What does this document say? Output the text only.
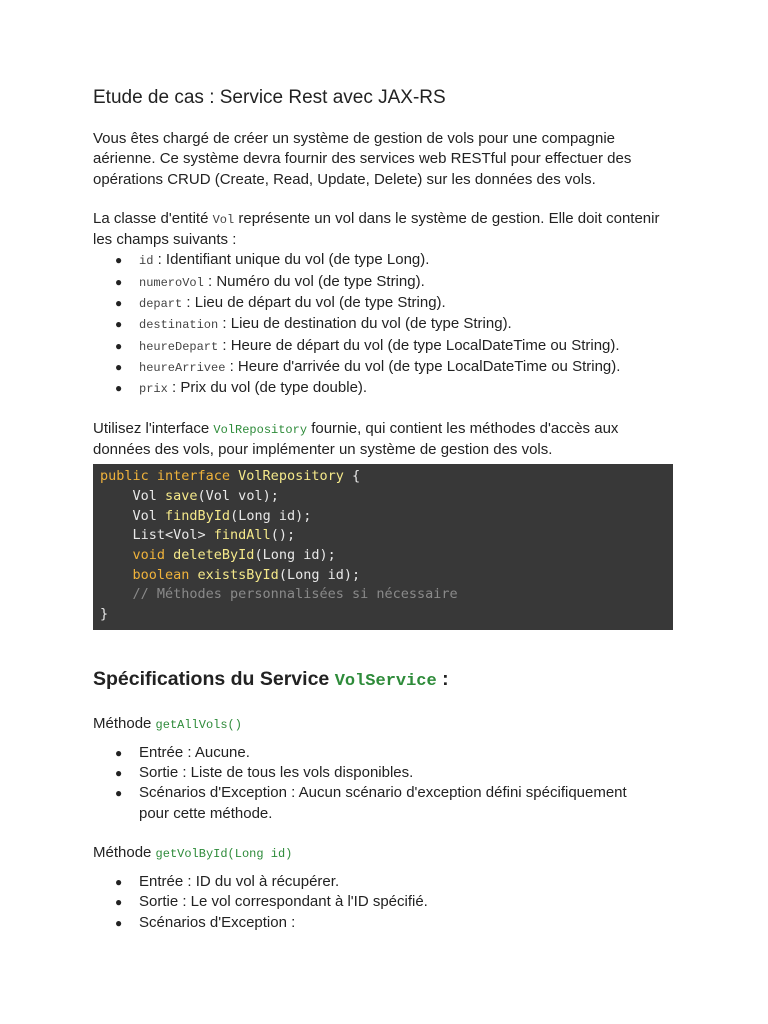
Etude de cas : Service Rest avec JAX-RS

Vous êtes chargé de créer un système de gestion de vols pour une compagnie aérienne. Ce système devra fournir des services web RESTful pour effectuer des opérations CRUD (Create, Read, Update, Delete) sur les données des vols.

La classe d'entité Vol représente un vol dans le système de gestion. Elle doit contenir les champs suivants :

● id : Identifiant unique du vol (de type Long).
● numeroVol : Numéro du vol (de type String).
● depart : Lieu de départ du vol (de type String).
● destination : Lieu de destination du vol (de type String).
● heureDepart : Heure de départ du vol (de type LocalDateTime ou String).
● heureArrivee : Heure d'arrivée du vol (de type LocalDateTime ou String).
● prix : Prix du vol (de type double).

Utilisez l'interface VolRepository fournie, qui contient les méthodes d'accès aux données des vols, pour implémenter un système de gestion des vols.

public interface VolRepository {
Vol save(Vol vol);
Vol findById(Long id);
List<Vol> findAll();
void deleteById(Long id);
boolean existsById(Long id);
// Méthodes personnalisées si nécessaire
}
Spécifications du Service VolService :
Méthode getAllVols()
● Entrée : Aucune.
● Sortie : Liste de tous les vols disponibles.
● Scénarios d'Exception : Aucun scénario d'exception défini spécifiquement pour cette méthode.
Méthode getVolById(Long id)
● Entrée : ID du vol à récupérer.
● Sortie : Le vol correspondant à l'ID spécifié.
● Scénarios d'Exception :
